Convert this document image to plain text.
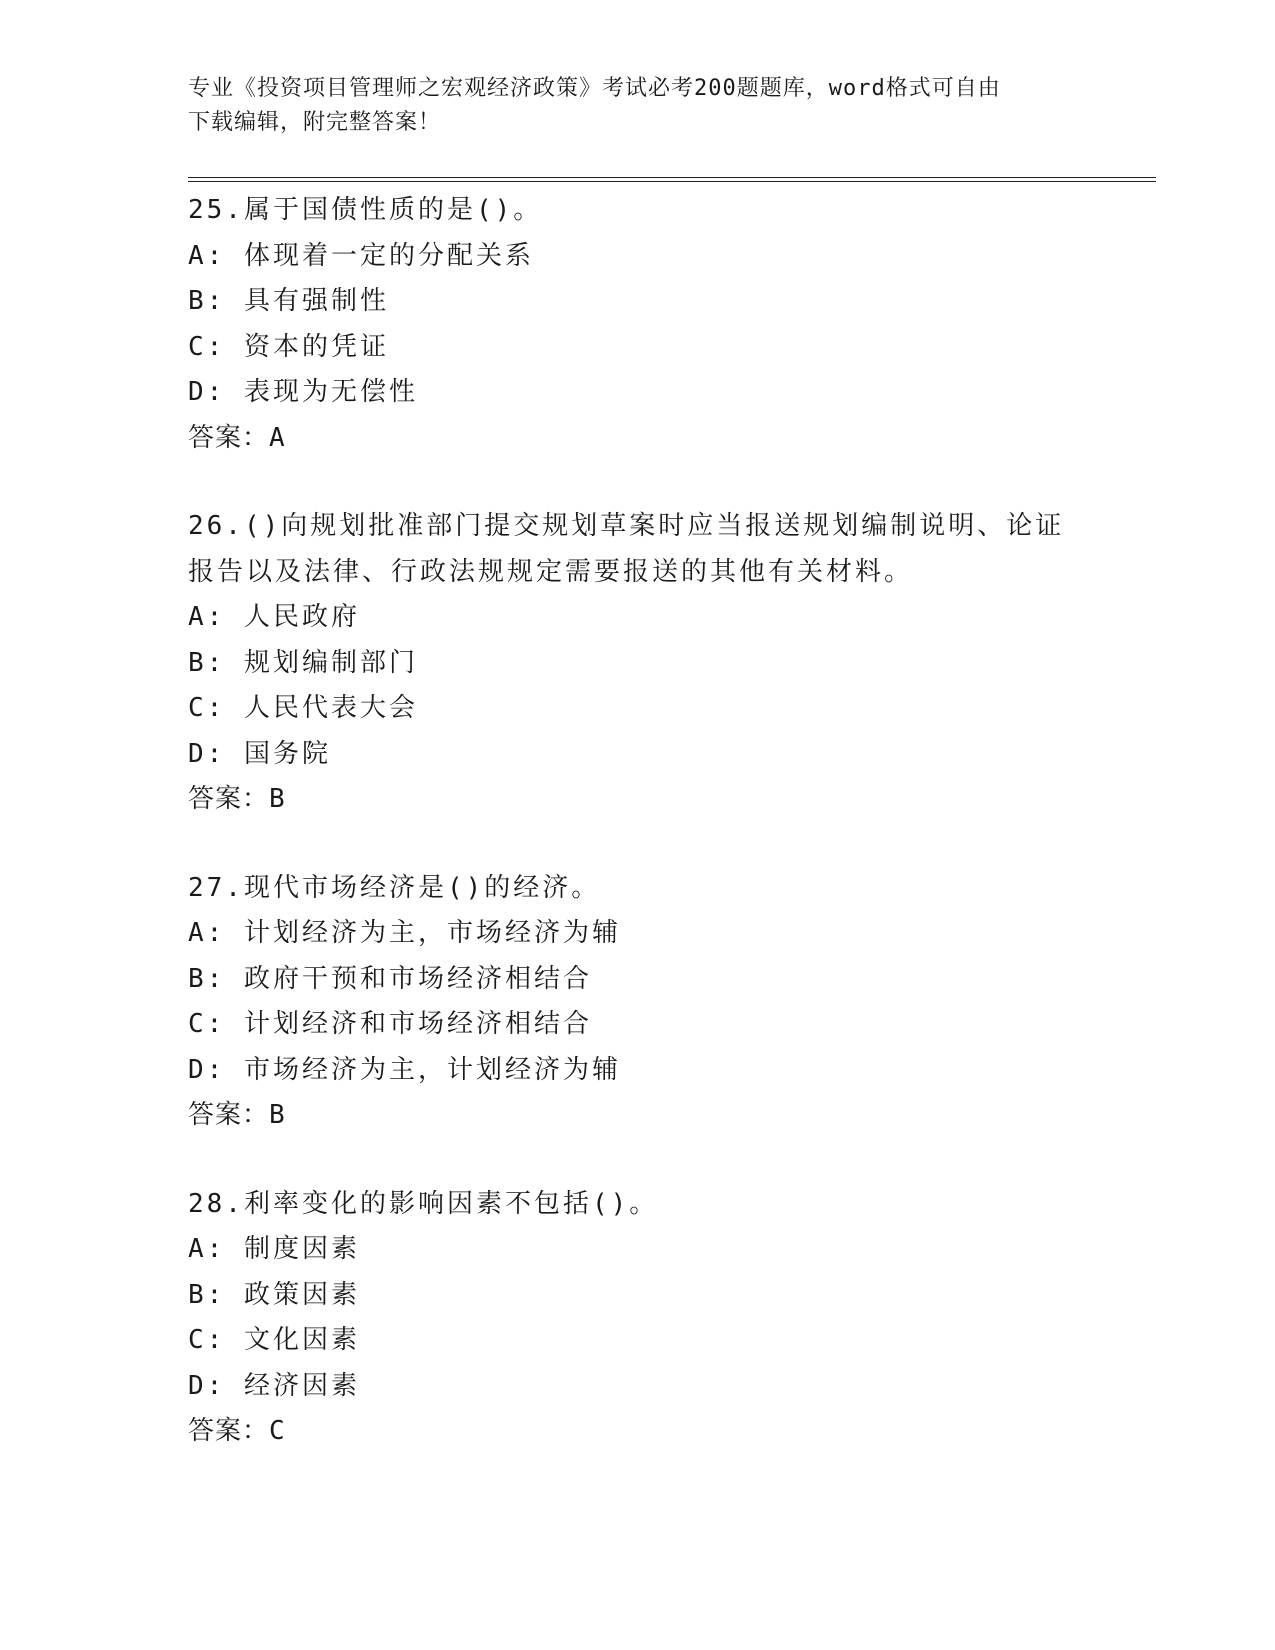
专业《投资项目管理师之宏观经济政策》考试必考200题题库，word格式可自由
下载编辑，附完整答案！
25.属于国债性质的是()。
A: 体现着一定的分配关系
B: 具有强制性
C: 资本的凭证
D: 表现为无偿性
答案：A
26.()向规划批准部门提交规划草案时应当报送规划编制说明、论证报告以及法律、行政法规规定需要报送的其他有关材料。
A: 人民政府
B: 规划编制部门
C: 人民代表大会
D: 国务院
答案：B
27.现代市场经济是()的经济。
A: 计划经济为主，市场经济为辅
B: 政府干预和市场经济相结合
C: 计划经济和市场经济相结合
D: 市场经济为主，计划经济为辅
答案：B
28.利率变化的影响因素不包括()。
A: 制度因素
B: 政策因素
C: 文化因素
D: 经济因素
答案：C
